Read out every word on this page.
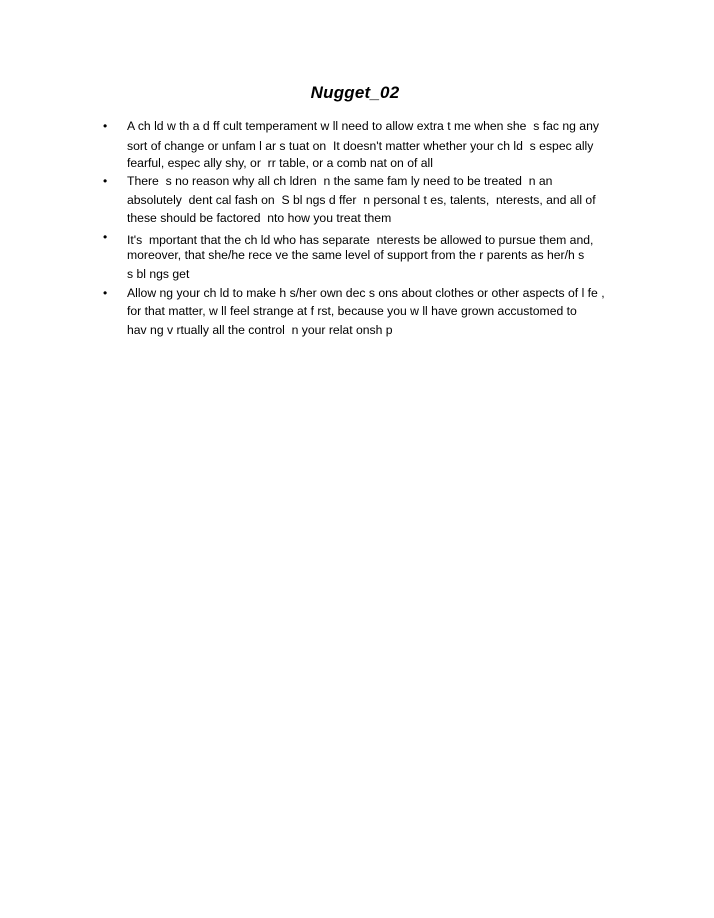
Nugget_02
• A ch ld w th a d ff cult temperament w ll need to allow extra t me when she  s fac ng any
sort of change or unfam l ar s tuat on  It doesn't matter whether your ch ld  s espec ally
fearful, espec ally shy, or  rr table, or a comb nat on of all
• There  s no reason why all ch ldren  n the same fam ly need to be treated  n an
absolutely  dent cal fash on  S bl ngs d ffer  n personal t es, talents,  nterests, and all of
these should be factored  nto how you treat them
• It's  mportant that the ch ld who has separate  nterests be allowed to pursue them and,
moreover, that she/he rece ve the same level of support from the r parents as her/h s
s bl ngs get
• Allow ng your ch ld to make h s/her own dec s ons about clothes or other aspects of l fe ,
for that matter, w ll feel strange at f rst, because you w ll have grown accustomed to
hav ng v rtually all the control  n your relat onsh p
